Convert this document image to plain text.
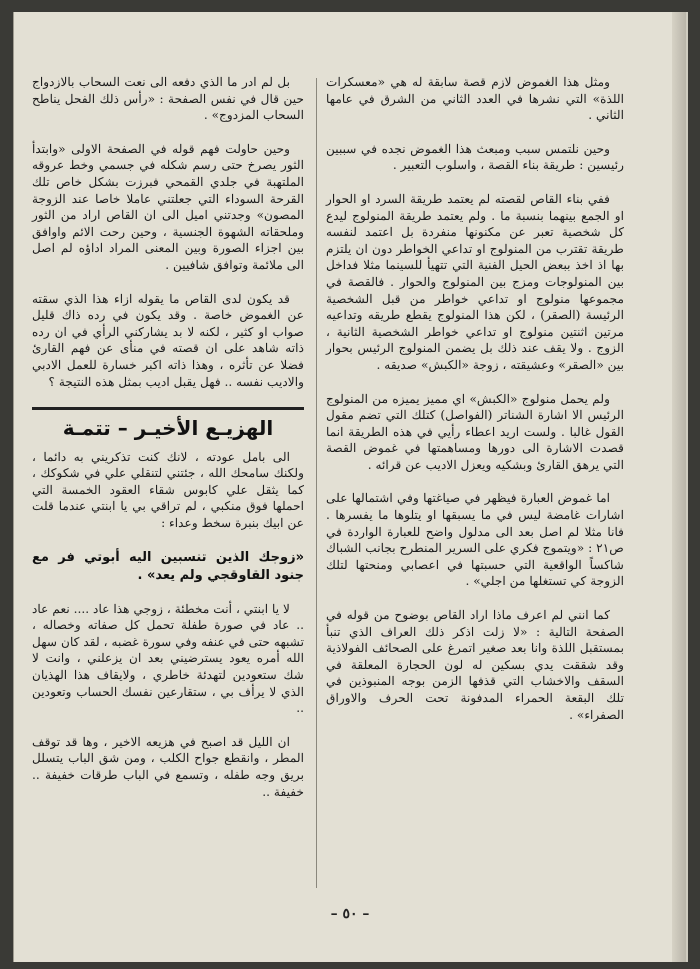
ومثل هذا الغموض لازم قصة سابقة له هي «معسكرات اللذة» التي نشرها في العدد الثاني من الشرق في عامها الثاني .

وحين نلتمس سبب ومبعث هذا الغموض نجده في سببين رئيسين : طريقة بناء القصة ، واسلوب التعبير .

ففي بناء القاص لقصته لم يعتمد طريقة السرد او الحوار او الجمع بينهما بنسبة ما . ولم يعتمد طريقة المنولوج ليدع كل شخصية تعبر عن مكنونها منفردة بل اعتمد لنفسه طريقة تقترب من المنولوج او تداعي الخواطر دون ان يلتزم بها اذ اخذ ببعض الحيل الفنية التي تتهيأ للسينما مثلا فداخل بين المنولوجات ومزج بين المنولوج والحوار . فالقصة في مجموعها منولوج او تداعي خواطر من قبل الشخصية الرئيسة (الصقر) ، لكن هذا المنولوج يقطع طريقه وتداعيه مرتين اثنتين منولوج او تداعي خواطر الشخصية الثانية ، الزوج . ولا يقف عند ذلك بل يضمن المنولوج الرئيس بحوار بين «الصقر» وعشيقته ، زوجة «الكبش» صديقه .

ولم يحمل منولوج «الكبش» اي مميز يميزه من المنولوج الرئيس الا اشارة الشناتر (الفواصل) كتلك التي تضم مقول القول غالبا . ولست اريد اعطاء رأيي في هذه الطريقة انما قصدت الاشارة الى دورها ومساهمتها في غموض القصة التي يرهق القارئ وبشكيه ويعزل الاديب عن قرائه .

اما غموض العبارة فيظهر في صياغتها وفي اشتمالها على اشارات غامضة ليس في ما يسبقها او يتلوها ما يفسرها . فانا مثلا لم اصل بعد الى مدلول واضح للعبارة الواردة في ص٢١ : «ويتموج فكري على السرير المنطرح بجانب الشباك شاكساً الواقعية التي حسبتها في اعصابي ومنحتها لتلك الزوجة كي تستغلها من اجلي» .

كما انني لم اعرف ماذا اراد القاص بوضوح من قوله في الصفحة التالية : «لا زلت اذكر ذلك العراف الذي تنبأ بمستقبل اللذة وانا بعد صغير اتمرغ على الصحائف الفولاذية وقد شققت يدي بسكين له لون الحجارة المعلقة في السقف والاخشاب التي قذفها الزمن بوجه المنبوذين في تلك البقعة الحمراء المدفونة تحت الحرف والاوراق الصفراء» .

بل لم ادر ما الذي دفعه الى نعت السحاب بالازدواج حين قال في نفس الصفحة : «رأس ذلك الفحل يناطح السحاب المزدوج» .

وحين حاولت فهم قوله في الصفحة الاولى «وابتدأ الثور يصرخ حتى رسم شكله في جسمي وخط عروقه الملتهبة في جلدي القمحي فبرزت بشكل خاص تلك القرحة السوداء التي جعلتني عاملا خاصا عند الزوجة المصون» وجدتني اميل الى ان القاص اراد من الثور وملحقاته الشهوة الجنسية ، وحين رحت الائم واوافق بين اجزاء الصورة وبين المعنى المراد اداؤه لم اصل الى ملائمة وتوافق شافيين .

قد يكون لدى القاص ما يقوله ازاء هذا الذي سقته عن الغموض خاصة . وقد يكون في رده ذاك قليل صواب او كثير ، لكنه لا بد يشاركني الرأي في ان رده ذاته شاهد على ان قصته في منأى عن فهم القارئ فضلا عن تأثره ، وهذا ذاته اكبر خسارة للعمل الادبي والاديب نفسه .. فهل يقبل اديب بمثل هذه النتيجة ؟

الهزيـع الأخيـر – تتمـة

الى بامل عودته ، لانك كنت تذكريني به دائما ، ولكنك سامحك الله ، جئتني لتنقلي علي في شكوكك ، كما يثقل علي كابوس شقاء العقود الخمسة التي احملها فوق منكبي ، لم تراقي بي يا ابنتي عندما قلت عن ابيك بنبرة سخط وعداء :

«زوجك الذين تنسبين اليه أبوتي فر مع جنود القاوقجي ولم يعد» .

لا يا ابنتي ، أنت مخطئة ، زوجي هذا عاد .... نعم عاد .. عاد في صورة طفلة تحمل كل صفاته وخصاله ، تشبهه حتى في عنفه وفي سورة غضبه ، لقد كان سهل الله أمره يعود يسترضيني بعد ان يزعلني ، وانت لا شك ستعودين لتهدئة خاطري ، ولايقاف هذا الهذيان الذي لا يرأف بي ، ستقارعين نفسك الحساب وتعودين ..

ان الليل قد اصبح في هزيعه الاخير ، وها قد توقف المطر ، وانقطع جواح الكلب ، ومن شق الباب يتسلل بريق وجه طفله ، وتسمع في الباب طرقات خفيفة .. خفيفة ..

– ٥٠ –
